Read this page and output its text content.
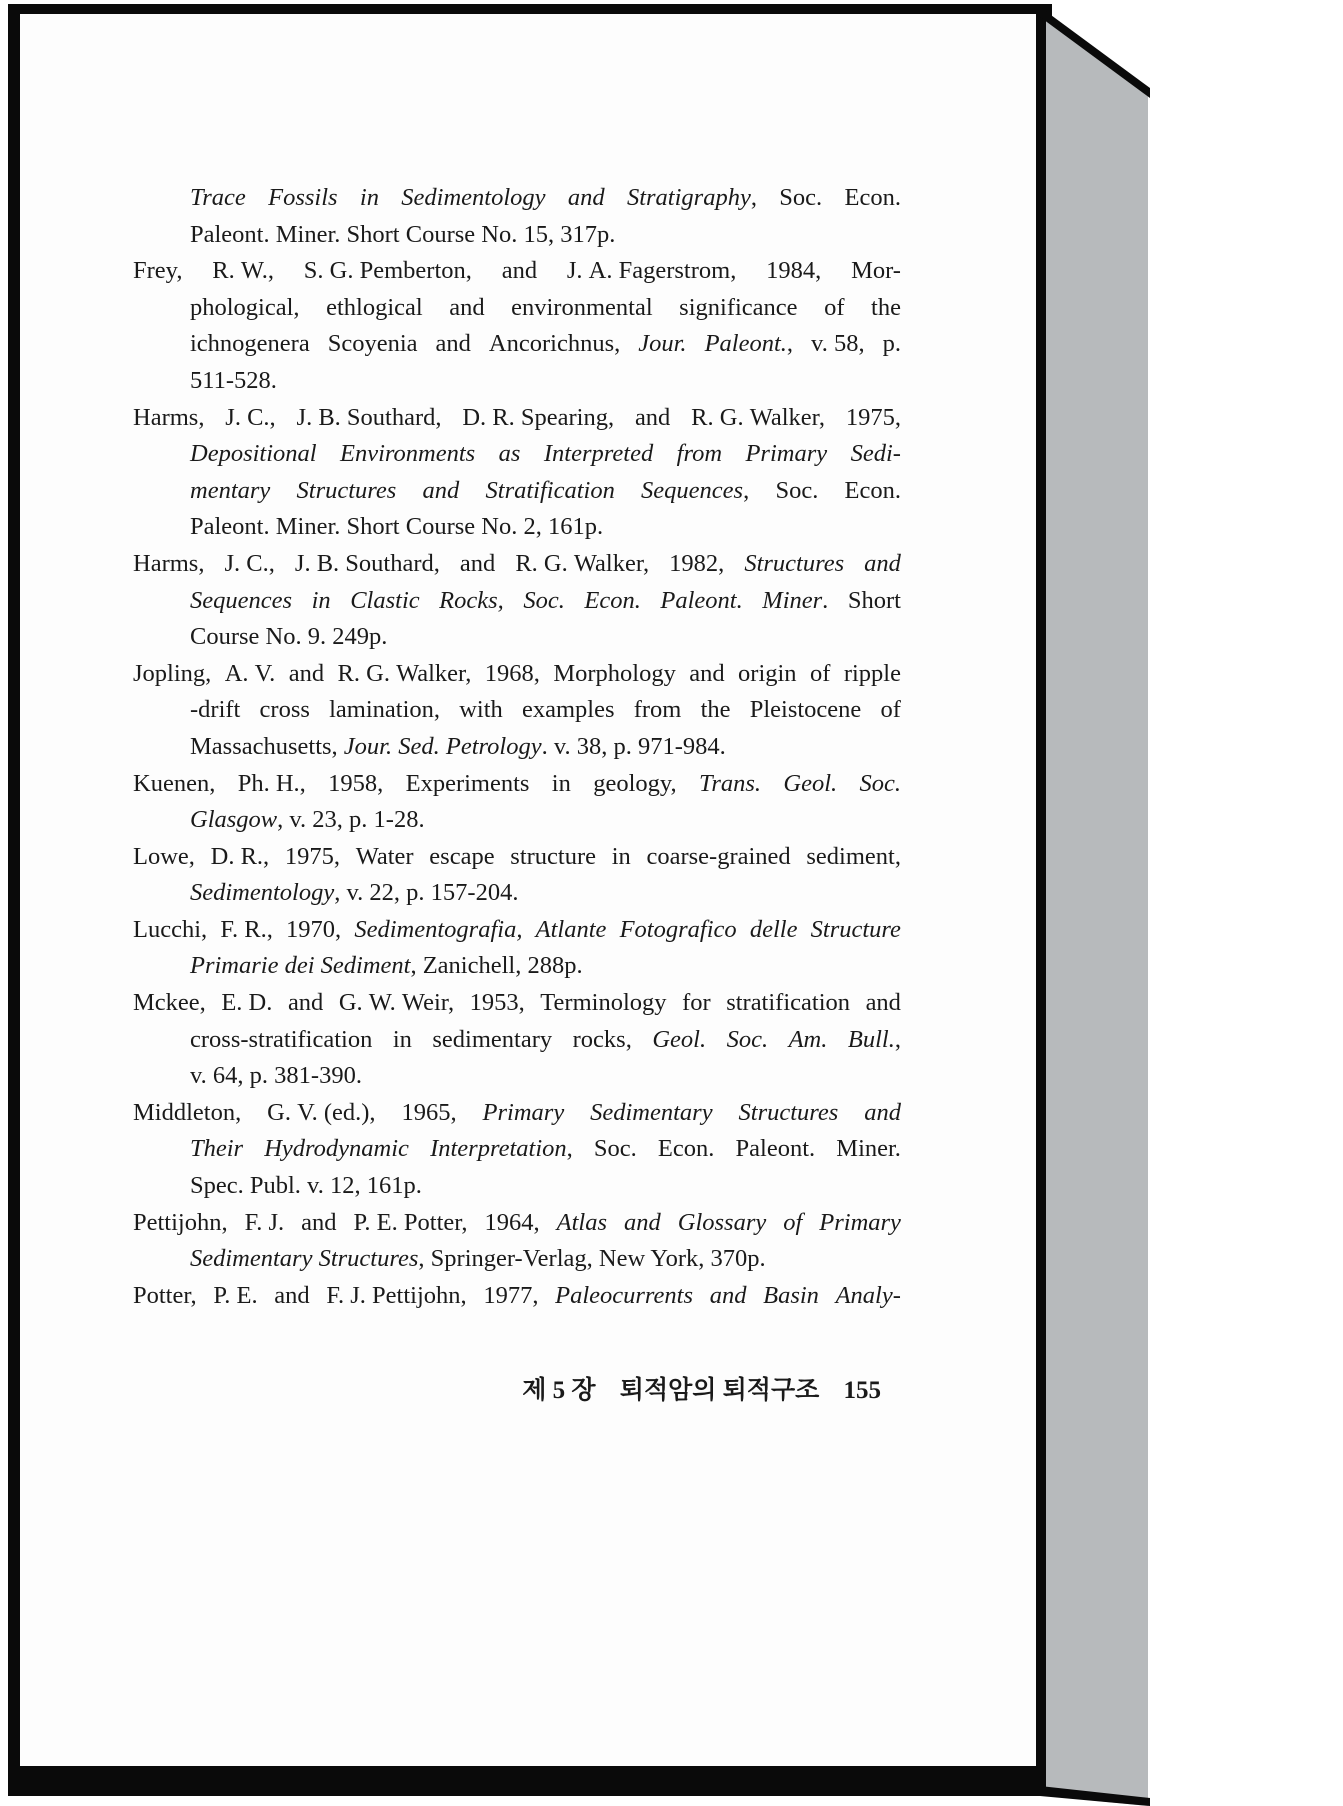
Trace Fossils in Sedimentology and Stratigraphy, Soc. Econ.
Paleont. Miner. Short Course No. 15, 317p.
Frey, R. W., S. G. Pemberton, and J. A. Fagerstrom, 1984, Mor-
phological, ethlogical and environmental significance of the
ichnogenera Scoyenia and Ancorichnus, Jour. Paleont., v. 58, p.
511-528.
Harms, J. C., J. B. Southard, D. R. Spearing, and R. G. Walker, 1975,
Depositional Environments as Interpreted from Primary Sedi-
mentary Structures and Stratification Sequences, Soc. Econ.
Paleont. Miner. Short Course No. 2, 161p.
Harms, J. C., J. B. Southard, and R. G. Walker, 1982, Structures and
Sequences in Clastic Rocks, Soc. Econ. Paleont. Miner. Short
Course No. 9. 249p.
Jopling, A. V. and R. G. Walker, 1968, Morphology and origin of ripple
-drift cross lamination, with examples from the Pleistocene of
Massachusetts, Jour. Sed. Petrology. v. 38, p. 971-984.
Kuenen, Ph. H., 1958, Experiments in geology, Trans. Geol. Soc.
Glasgow, v. 23, p. 1-28.
Lowe, D. R., 1975, Water escape structure in coarse-grained sediment,
Sedimentology, v. 22, p. 157-204.
Lucchi, F. R., 1970, Sedimentografia, Atlante Fotografico delle Structure
Primarie dei Sediment, Zanichell, 288p.
Mckee, E. D. and G. W. Weir, 1953, Terminology for stratification and
cross-stratification in sedimentary rocks, Geol. Soc. Am. Bull.,
v. 64, p. 381-390.
Middleton, G. V. (ed.), 1965, Primary Sedimentary Structures and
Their Hydrodynamic Interpretation, Soc. Econ. Paleont. Miner.
Spec. Publ. v. 12, 161p.
Pettijohn, F. J. and P. E. Potter, 1964, Atlas and Glossary of Primary
Sedimentary Structures, Springer-Verlag, New York, 370p.
Potter, P. E. and F. J. Pettijohn, 1977, Paleocurrents and Basin Analy-
제 5 장 퇴적암의 퇴적구조 155
